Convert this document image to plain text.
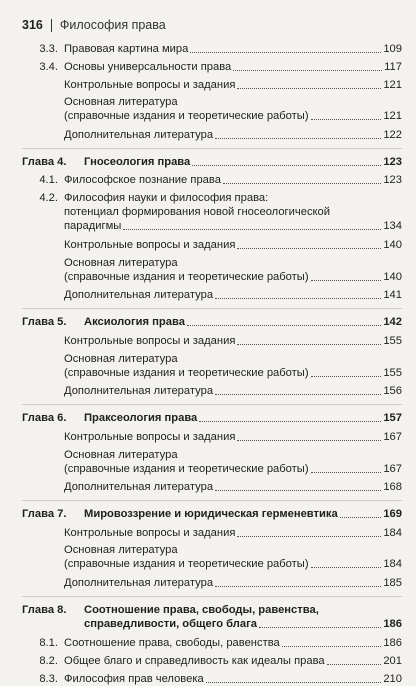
316 Философия права
3.3. Правовая картина мира	109
3.4. Основы универсальности права	117
Контрольные вопросы и задания	121
Основная литература
(справочные издания и теоретические работы)	121
Дополнительная литература	122
Глава 4.	Гносеология права	123
4.1. Философское познание права	123
4.2. Философия науки и философия права:
потенциал формирования новой гносеологической
парадигмы	134
Контрольные вопросы и задания	140
Основная литература
(справочные издания и теоретические работы)	140
Дополнительная литература	141
Глава 5.	Аксиология права	142
Контрольные вопросы и задания	155
Основная литература
(справочные издания и теоретические работы)	155
Дополнительная литература	156
Глава 6.	Праксеология права	157
Контрольные вопросы и задания	167
Основная литература
(справочные издания и теоретические работы)	167
Дополнительная литература	168
Глава 7.	Мировоззрение и юридическая герменевтика	169
Контрольные вопросы и задания	184
Основная литература
(справочные издания и теоретические работы)	184
Дополнительная литература	185
Глава 8.	Соотношение права, свободы, равенства,
справедливости, общего блага	186
8.1. Соотношение права, свободы, равенства	186
8.2. Общее благо и справедливость как идеалы права	201
8.3. Философия прав человека	210
